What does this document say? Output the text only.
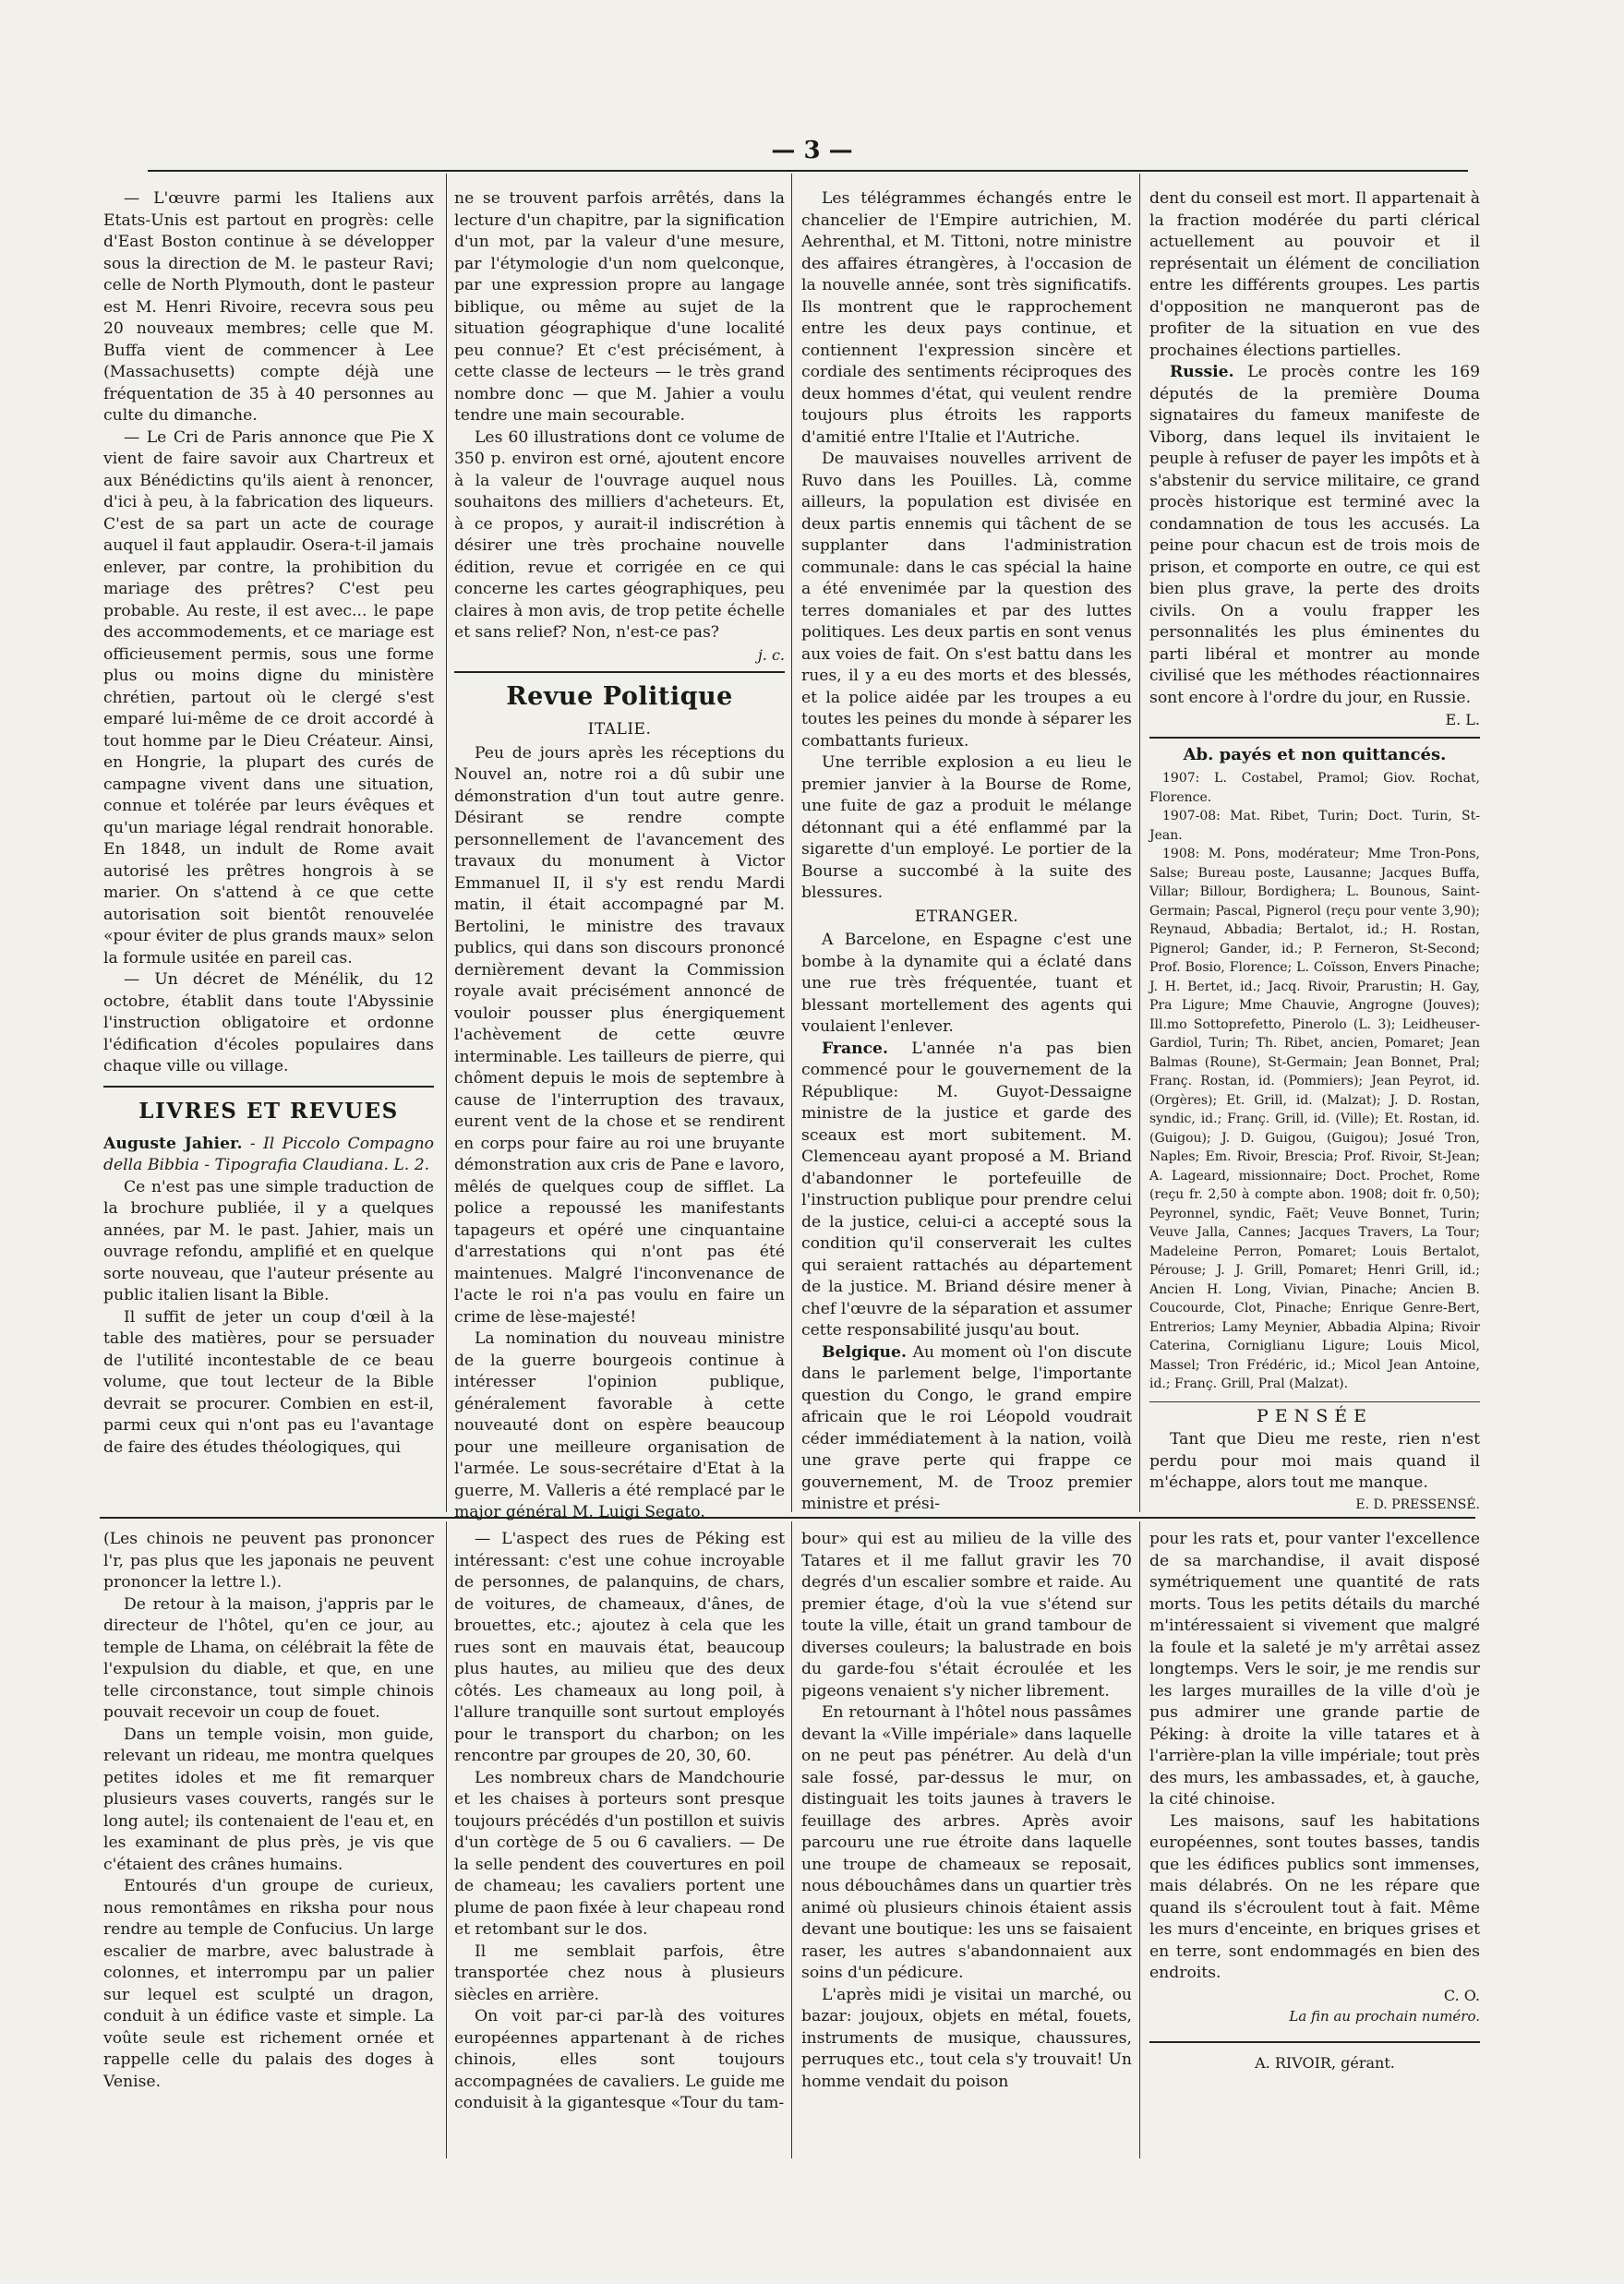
— 3 —

— L'œuvre parmi les Italiens aux Etats-Unis est partout en progrès: celle d'East Boston continue à se développer sous la direction de M. le pasteur Ravi; celle de North Plymouth, dont le pasteur est M. Henri Rivoire, recevra sous peu 20 nouveaux membres; celle que M. Buffa vient de commencer à Lee (Massachusetts) compte déjà une fréquentation de 35 à 40 personnes au culte du dimanche.

— Le Cri de Paris annonce que Pie X vient de faire savoir aux Chartreux et aux Bénédictins qu'ils aient à renoncer, d'ici à peu, à la fabrication des liqueurs. C'est de sa part un acte de courage auquel il faut applaudir. Osera-t-il jamais enlever, par contre, la prohibition du mariage des prêtres? C'est peu probable. Au reste, il est avec... le pape des accommodements, et ce mariage est officieusement permis, sous une forme plus ou moins digne du ministère chrétien, partout où le clergé s'est emparé lui-même de ce droit accordé à tout homme par le Dieu Créateur. Ainsi, en Hongrie, la plupart des curés de campagne vivent dans une situation, connue et tolérée par leurs évêques et qu'un mariage légal rendrait honorable. En 1848, un indult de Rome avait autorisé les prêtres hongrois à se marier. On s'attend à ce que cette autorisation soit bientôt renouvelée «pour éviter de plus grands maux» selon la formule usitée en pareil cas.

— Un décret de Ménélik, du 12 octobre, établit dans toute l'Abyssinie l'instruction obligatoire et ordonne l'édification d'écoles populaires dans chaque ville ou village.

LIVRES ET REVUES

Auguste Jahier. - Il Piccolo Compagno della Bibbia - Tipografia Claudiana. L. 2.

Ce n'est pas une simple traduction de la brochure publiée, il y a quelques années, par M. le past. Jahier, mais un ouvrage refondu, amplifié et en quelque sorte nouveau, que l'auteur présente au public italien lisant la Bible.

Il suffit de jeter un coup d'œil à la table des matières, pour se persuader de l'utilité incontestable de ce beau volume, que tout lecteur de la Bible devrait se procurer. Combien en est-il, parmi ceux qui n'ont pas eu l'avantage de faire des études théologiques, qui

ne se trouvent parfois arrêtés, dans la lecture d'un chapitre, par la signification d'un mot, par la valeur d'une mesure, par l'étymologie d'un nom quelconque, par une expression propre au langage biblique, ou même au sujet de la situation géographique d'une localité peu connue? Et c'est précisément, à cette classe de lecteurs — le très grand nombre donc — que M. Jahier a voulu tendre une main secourable.

Les 60 illustrations dont ce volume de 350 p. environ est orné, ajoutent encore à la valeur de l'ouvrage auquel nous souhaitons des milliers d'acheteurs. Et, à ce propos, y aurait-il indiscrétion à désirer une très prochaine nouvelle édition, revue et corrigée en ce qui concerne les cartes géographiques, peu claires à mon avis, de trop petite échelle et sans relief? Non, n'est-ce pas?

j. c.

Revue Politique
ITALIE.

Peu de jours après les réceptions du Nouvel an, notre roi a dû subir une démonstration d'un tout autre genre. Désirant se rendre compte personnellement de l'avancement des travaux du monument à Victor Emmanuel II, il s'y est rendu Mardi matin, il était accompagné par M. Bertolini, le ministre des travaux publics, qui dans son discours prononcé dernièrement devant la Commission royale avait précisément annoncé de vouloir pousser plus énergiquement l'achèvement de cette œuvre interminable. Les tailleurs de pierre, qui chôment depuis le mois de septembre à cause de l'interruption des travaux, eurent vent de la chose et se rendirent en corps pour faire au roi une bruyante démonstration aux cris de Pane e lavoro, mêlés de quelques coup de sifflet. La police a repoussé les manifestants tapageurs et opéré une cinquantaine d'arrestations qui n'ont pas été maintenues. Malgré l'inconvenance de l'acte le roi n'a pas voulu en faire un crime de lèse-majesté!

La nomination du nouveau ministre de la guerre bourgeois continue à intéresser l'opinion publique, généralement favorable à cette nouveauté dont on espère beaucoup pour une meilleure organisation de l'armée. Le sous-secrétaire d'Etat à la guerre, M. Valleris a été remplacé par le major général M. Luigi Segato.

Les télégrammes échangés entre le chancelier de l'Empire autrichien, M. Aehrenthal, et M. Tittoni, notre ministre des affaires étrangères, à l'occasion de la nouvelle année, sont très significatifs. Ils montrent que le rapprochement entre les deux pays continue, et contiennent l'expression sincère et cordiale des sentiments réciproques des deux hommes d'état, qui veulent rendre toujours plus étroits les rapports d'amitié entre l'Italie et l'Autriche.

De mauvaises nouvelles arrivent de Ruvo dans les Pouilles. Là, comme ailleurs, la population est divisée en deux partis ennemis qui tâchent de se supplanter dans l'administration communale: dans le cas spécial la haine a été envenimée par la question des terres domaniales et par des luttes politiques. Les deux partis en sont venus aux voies de fait. On s'est battu dans les rues, il y a eu des morts et des blessés, et la police aidée par les troupes a eu toutes les peines du monde à séparer les combattants furieux.

Une terrible explosion a eu lieu le premier janvier à la Bourse de Rome, une fuite de gaz a produit le mélange détonnant qui a été enflammé par la sigarette d'un employé. Le portier de la Bourse a succombé à la suite des blessures.

ETRANGER.

A Barcelone, en Espagne c'est une bombe à la dynamite qui a éclaté dans une rue très fréquentée, tuant et blessant mortellement des agents qui voulaient l'enlever.

France. L'année n'a pas bien commencé pour le gouvernement de la République: M. Guyot-Dessaigne ministre de la justice et garde des sceaux est mort subitement. M. Clemenceau ayant proposé a M. Briand d'abandonner le portefeuille de l'instruction publique pour prendre celui de la justice, celui-ci a accepté sous la condition qu'il conserverait les cultes qui seraient rattachés au département de la justice. M. Briand désire mener à chef l'œuvre de la séparation et assumer cette responsabilité jusqu'au bout.

Belgique. Au moment où l'on discute dans le parlement belge, l'importante question du Congo, le grand empire africain que le roi Léopold voudrait céder immédiatement à la nation, voilà une grave perte qui frappe ce gouvernement, M. de Trooz premier ministre et prési-

dent du conseil est mort. Il appartenait à la fraction modérée du parti clérical actuellement au pouvoir et il représentait un élément de conciliation entre les différents groupes. Les partis d'opposition ne manqueront pas de profiter de la situation en vue des prochaines élections partielles.

Russie. Le procès contre les 169 députés de la première Douma signataires du fameux manifeste de Viborg, dans lequel ils invitaient le peuple à refuser de payer les impôts et à s'abstenir du service militaire, ce grand procès historique est terminé avec la condamnation de tous les accusés. La peine pour chacun est de trois mois de prison, et comporte en outre, ce qui est bien plus grave, la perte des droits civils. On a voulu frapper les personnalités les plus éminentes du parti libéral et montrer au monde civilisé que les méthodes réactionnaires sont encore à l'ordre du jour, en Russie.

E. L.

Ab. payés et non quittancés.

1907: L. Costabel, Pramol; Giov. Rochat, Florence.

1907-08: Mat. Ribet, Turin; Doct. Turin, St-Jean.

1908: M. Pons, modérateur; Mme Tron-Pons, Salse; Bureau poste, Lausanne; Jacques Buffa, Villar; Billour, Bordighera; L. Bounous, Saint-Germain; Pascal, Pignerol (reçu pour vente 3,90); Reynaud, Abbadia; Bertalot, id.; H. Rostan, Pignerol; Gander, id.; P. Ferneron, St-Second; Prof. Bosio, Florence; L. Coïsson, Envers Pinache; J. H. Bertet, id.; Jacq. Rivoir, Prarustin; H. Gay, Pra Ligure; Mme Chauvie, Angrogne (Jouves); Ill.mo Sottoprefetto, Pinerolo (L. 3); Leidheuser-Gardiol, Turin; Th. Ribet, ancien, Pomaret; Jean Balmas (Roune), St-Germain; Jean Bonnet, Pral; Franç. Rostan, id. (Pommiers); Jean Peyrot, id. (Orgères); Et. Grill, id. (Malzat); J. D. Rostan, syndic, id.; Franç. Grill, id. (Ville); Et. Rostan, id. (Guigou); J. D. Guigou, (Guigou); Josué Tron, Naples; Em. Rivoir, Brescia; Prof. Rivoir, St-Jean; A. Lageard, missionnaire; Doct. Prochet, Rome (reçu fr. 2,50 à compte abon. 1908; doit fr. 0,50); Peyronnel, syndic, Faët; Veuve Bonnet, Turin; Veuve Jalla, Cannes; Jacques Travers, La Tour; Madeleine Perron, Pomaret; Louis Bertalot, Pérouse; J. J. Grill, Pomaret; Henri Grill, id.; Ancien H. Long, Vivian, Pinache; Ancien B. Coucourde, Clot, Pinache; Enrique Genre-Bert, Entrerios; Lamy Meynier, Abbadia Alpina; Rivoir Caterina, Corniglianu Ligure; Louis Micol, Massel; Tron Frédéric, id.; Micol Jean Antoine, id.; Franç. Grill, Pral (Malzat).

PENSÉE

Tant que Dieu me reste, rien n'est perdu pour moi mais quand il m'échappe, alors tout me manque.

E. D. PRESSENSÉ.

(Les chinois ne peuvent pas prononcer l'r, pas plus que les japonais ne peuvent prononcer la lettre l.).

De retour à la maison, j'appris par le directeur de l'hôtel, qu'en ce jour, au temple de Lhama, on célébrait la fête de l'expulsion du diable, et que, en une telle circonstance, tout simple chinois pouvait recevoir un coup de fouet.

Dans un temple voisin, mon guide, relevant un rideau, me montra quelques petites idoles et me fit remarquer plusieurs vases couverts, rangés sur le long autel; ils contenaient de l'eau et, en les examinant de plus près, je vis que c'étaient des crânes humains.

Entourés d'un groupe de curieux, nous remontâmes en riksha pour nous rendre au temple de Confucius. Un large escalier de marbre, avec balustrade à colonnes, et interrompu par un palier sur lequel est sculpté un dragon, conduit à un édifice vaste et simple. La voûte seule est richement ornée et rappelle celle du palais des doges à Venise.

— L'aspect des rues de Péking est intéressant: c'est une cohue incroyable de personnes, de palanquins, de chars, de voitures, de chameaux, d'ânes, de brouettes, etc.; ajoutez à cela que les rues sont en mauvais état, beaucoup plus hautes, au milieu que des deux côtés. Les chameaux au long poil, à l'allure tranquille sont surtout employés pour le transport du charbon; on les rencontre par groupes de 20, 30, 60.

Les nombreux chars de Mandchourie et les chaises à porteurs sont presque toujours précédés d'un postillon et suivis d'un cortège de 5 ou 6 cavaliers. — De la selle pendent des couvertures en poil de chameau; les cavaliers portent une plume de paon fixée à leur chapeau rond et retombant sur le dos.

Il me semblait parfois, être transportée chez nous à plusieurs siècles en arrière.

On voit par-ci par-là des voitures européennes appartenant à de riches chinois, elles sont toujours accompagnées de cavaliers. Le guide me conduisit à la gigantesque «Tour du tam-

bour» qui est au milieu de la ville des Tatares et il me fallut gravir les 70 degrés d'un escalier sombre et raide. Au premier étage, d'où la vue s'étend sur toute la ville, était un grand tambour de diverses couleurs; la balustrade en bois du garde-fou s'était écroulée et les pigeons venaient s'y nicher librement.

En retournant à l'hôtel nous passâmes devant la «Ville impériale» dans laquelle on ne peut pas pénétrer. Au delà d'un sale fossé, par-dessus le mur, on distinguait les toits jaunes à travers le feuillage des arbres. Après avoir parcouru une rue étroite dans laquelle une troupe de chameaux se reposait, nous débouchâmes dans un quartier très animé où plusieurs chinois étaient assis devant une boutique: les uns se faisaient raser, les autres s'abandonnaient aux soins d'un pédicure.

L'après midi je visitai un marché, ou bazar: joujoux, objets en métal, fouets, instruments de musique, chaussures, perruques etc., tout cela s'y trouvait! Un homme vendait du poison

pour les rats et, pour vanter l'excellence de sa marchandise, il avait disposé symétriquement une quantité de rats morts. Tous les petits détails du marché m'intéressaient si vivement que malgré la foule et la saleté je m'y arrêtai assez longtemps. Vers le soir, je me rendis sur les larges murailles de la ville d'où je pus admirer une grande partie de Péking: à droite la ville tatares et à l'arrière-plan la ville impériale; tout près des murs, les ambassades, et, à gauche, la cité chinoise.

Les maisons, sauf les habitations européennes, sont toutes basses, tandis que les édifices publics sont immenses, mais délabrés. On ne les répare que quand ils s'écroulent tout à fait. Même les murs d'enceinte, en briques grises et en terre, sont endommagés en bien des endroits.

C. O.

La fin au prochain numéro.

A. RIVOIR, gérant.
